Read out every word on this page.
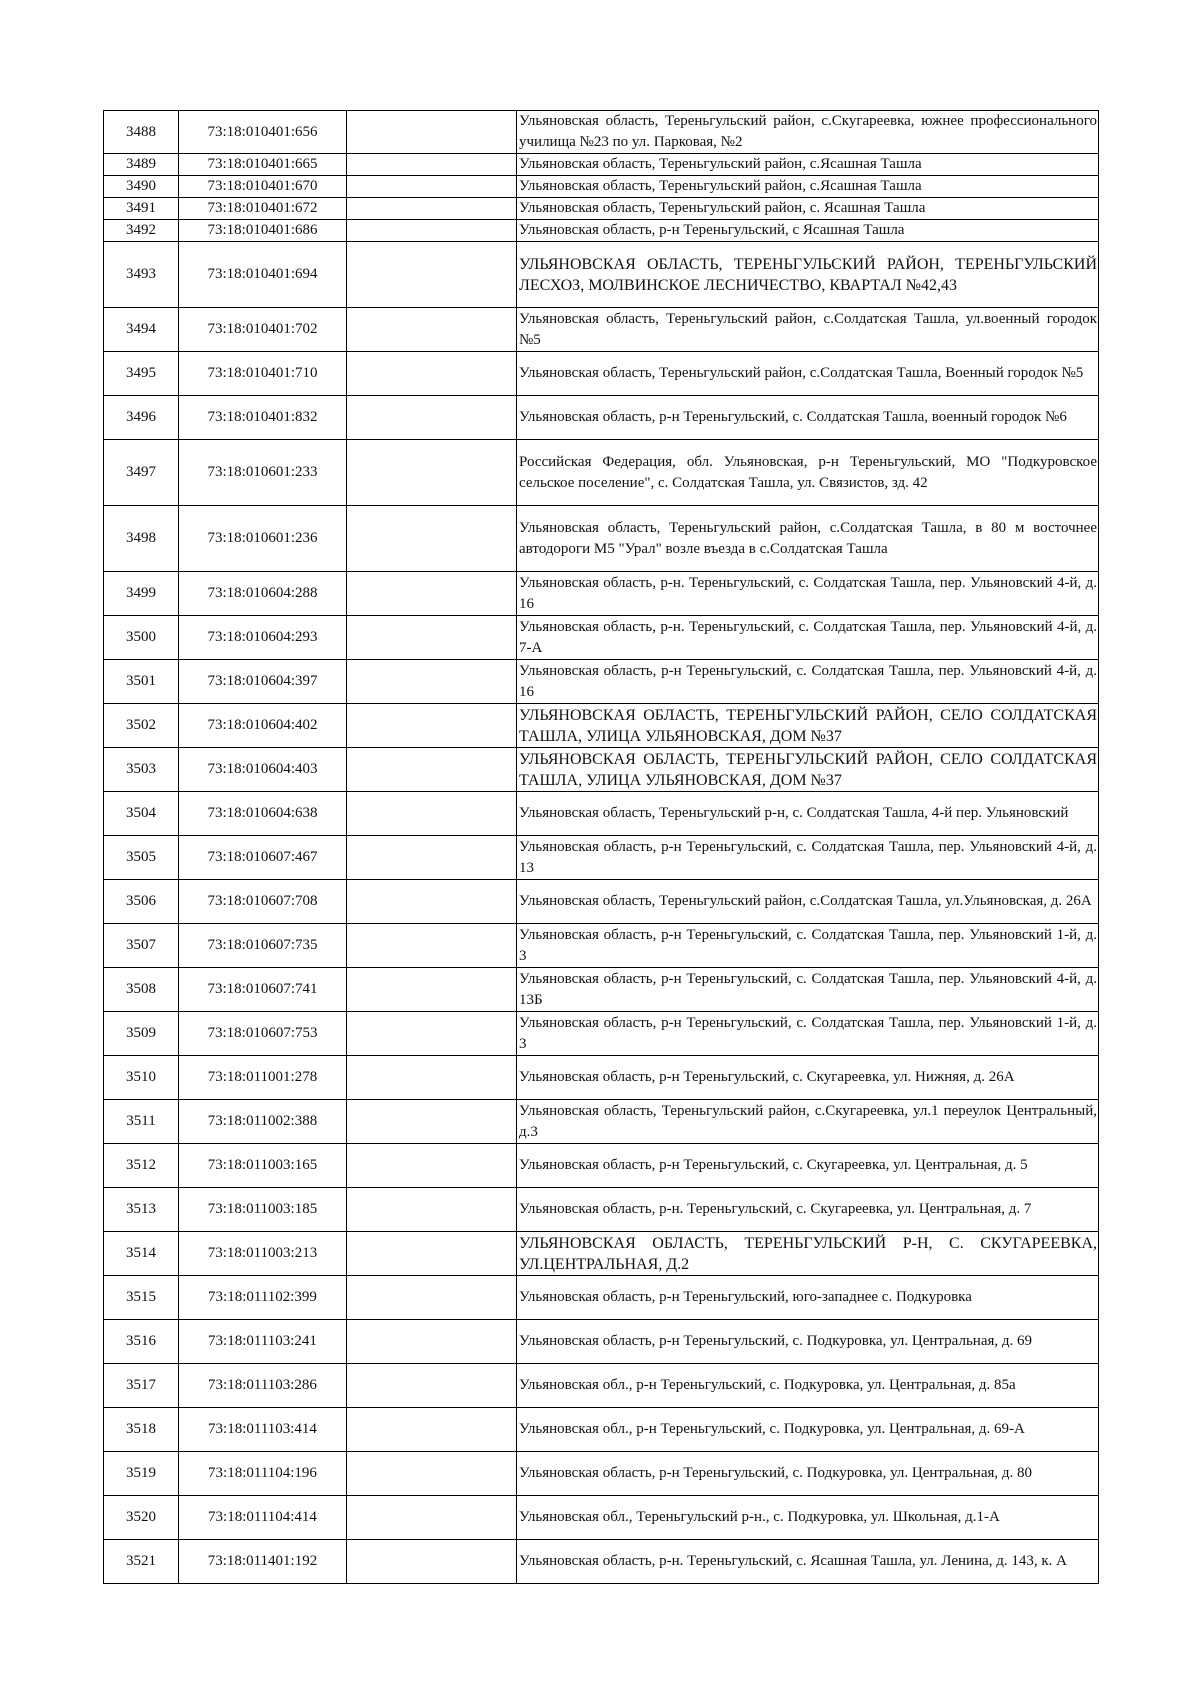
3488	73:18:010401:656		Ульяновская область, Тереньгульский район, с.Скугареевка, южнее профессионального училища №23 по ул. Парковая, №2
3489	73:18:010401:665		Ульяновская область, Тереньгульский район, с.Ясашная Ташла
3490	73:18:010401:670		Ульяновская область, Тереньгульский район, с.Ясашная Ташла
3491	73:18:010401:672		Ульяновская область, Тереньгульский район, с. Ясашная Ташла
3492	73:18:010401:686		Ульяновская область, р-н Тереньгульский, с Ясашная Ташла
3493	73:18:010401:694		УЛЬЯНОВСКАЯ ОБЛАСТЬ, ТЕРЕНЬГУЛЬСКИЙ РАЙОН, ТЕРЕНЬГУЛЬСКИЙ ЛЕСХОЗ, МОЛВИНСКОЕ ЛЕСНИЧЕСТВО, КВАРТАЛ №42,43
3494	73:18:010401:702		Ульяновская область, Тереньгульский район, с.Солдатская Ташла, ул.военный городок №5
3495	73:18:010401:710		Ульяновская область, Тереньгульский район, с.Солдатская Ташла, Военный городок №5
3496	73:18:010401:832		Ульяновская область, р-н Тереньгульский, с. Солдатская Ташла, военный городок №6
3497	73:18:010601:233		Российская Федерация, обл. Ульяновская, р-н Тереньгульский, МО "Подкуровское сельское поселение", с. Солдатская Ташла, ул. Связистов, зд. 42
3498	73:18:010601:236		Ульяновская область, Тереньгульский район, с.Солдатская Ташла, в 80 м восточнее автодороги М5 "Урал" возле въезда в с.Солдатская Ташла
3499	73:18:010604:288		Ульяновская область, р-н. Тереньгульский, с. Солдатская Ташла, пер. Ульяновский 4-й, д. 16
3500	73:18:010604:293		Ульяновская область, р-н. Тереньгульский, с. Солдатская Ташла, пер. Ульяновский 4-й, д. 7-А
3501	73:18:010604:397		Ульяновская область, р-н Тереньгульский, с. Солдатская Ташла, пер. Ульяновский 4-й, д. 16
3502	73:18:010604:402		УЛЬЯНОВСКАЯ ОБЛАСТЬ, ТЕРЕНЬГУЛЬСКИЙ РАЙОН, СЕЛО СОЛДАТСКАЯ ТАШЛА, УЛИЦА УЛЬЯНОВСКАЯ, ДОМ №37
3503	73:18:010604:403		УЛЬЯНОВСКАЯ ОБЛАСТЬ, ТЕРЕНЬГУЛЬСКИЙ РАЙОН, СЕЛО СОЛДАТСКАЯ ТАШЛА, УЛИЦА УЛЬЯНОВСКАЯ, ДОМ №37
3504	73:18:010604:638		Ульяновская область, Тереньгульский р-н, с. Солдатская Ташла, 4-й пер. Ульяновский
3505	73:18:010607:467		Ульяновская область, р-н Тереньгульский, с. Солдатская Ташла, пер. Ульяновский 4-й, д. 13
3506	73:18:010607:708		Ульяновская область, Тереньгульский район, с.Солдатская Ташла, ул.Ульяновская, д. 26А
3507	73:18:010607:735		Ульяновская область, р-н Тереньгульский, с. Солдатская Ташла, пер. Ульяновский 1-й, д. 3
3508	73:18:010607:741		Ульяновская область, р-н Тереньгульский, с. Солдатская Ташла, пер. Ульяновский 4-й, д. 13Б
3509	73:18:010607:753		Ульяновская область, р-н Тереньгульский, с. Солдатская Ташла, пер. Ульяновский 1-й, д. 3
3510	73:18:011001:278		Ульяновская область, р-н Тереньгульский, с. Скугареевка, ул. Нижняя, д. 26А
3511	73:18:011002:388		Ульяновская область, Тереньгульский район, с.Скугареевка, ул.1 переулок Центральный, д.3
3512	73:18:011003:165		Ульяновская область, р-н Тереньгульский, с. Скугареевка, ул. Центральная, д. 5
3513	73:18:011003:185		Ульяновская область, р-н. Тереньгульский, с. Скугареевка, ул. Центральная, д. 7
3514	73:18:011003:213		УЛЬЯНОВСКАЯ ОБЛАСТЬ, ТЕРЕНЬГУЛЬСКИЙ Р-Н, С. СКУГАРЕЕВКА, УЛ.ЦЕНТРАЛЬНАЯ, Д.2
3515	73:18:011102:399		Ульяновская область, р-н Тереньгульский, юго-западнее с. Подкуровка
3516	73:18:011103:241		Ульяновская область, р-н Тереньгульский, с. Подкуровка, ул. Центральная, д. 69
3517	73:18:011103:286		Ульяновская обл., р-н Тереньгульский, с. Подкуровка, ул. Центральная, д. 85а
3518	73:18:011103:414		Ульяновская обл., р-н Тереньгульский, с. Подкуровка, ул. Центральная, д. 69-А
3519	73:18:011104:196		Ульяновская область, р-н Тереньгульский, с. Подкуровка, ул. Центральная, д. 80
3520	73:18:011104:414		Ульяновская обл., Тереньгульский р-н., с. Подкуровка, ул. Школьная, д.1-А
3521	73:18:011401:192		Ульяновская область, р-н. Тереньгульский, с. Ясашная Ташла, ул. Ленина, д. 143, к. А
